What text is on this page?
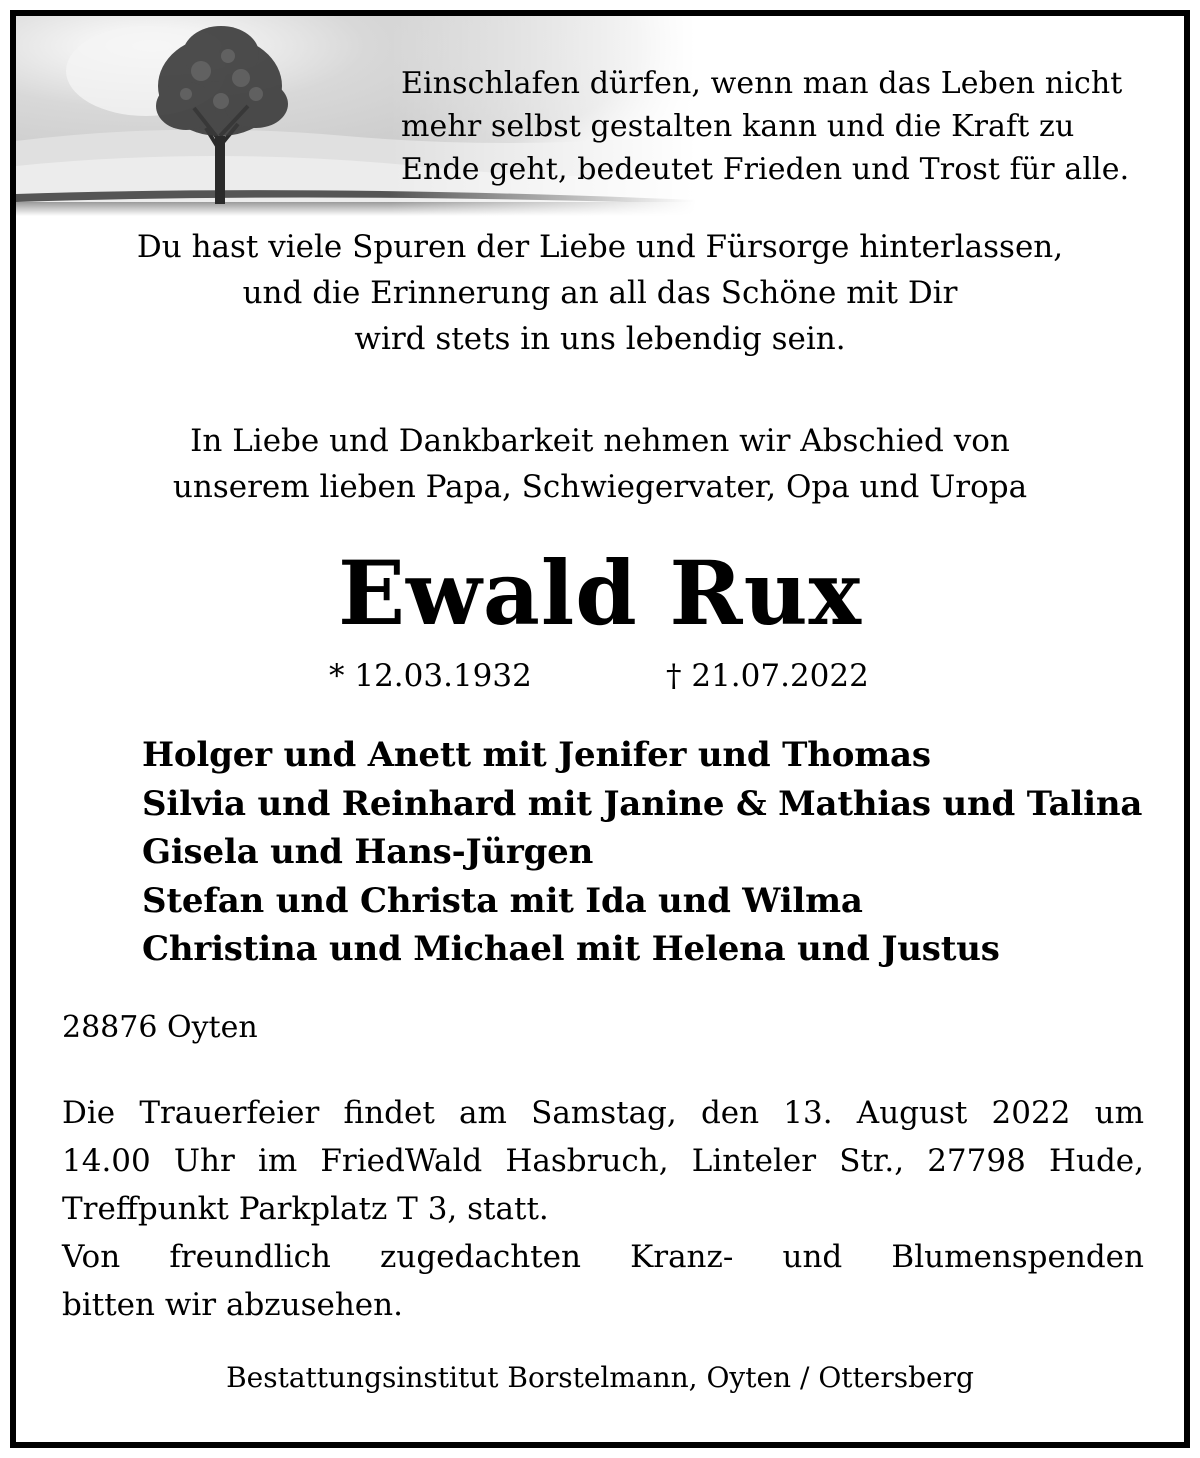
Einschlafen dürfen, wenn man das Leben nicht
mehr selbst gestalten kann und die Kraft zu
Ende geht, bedeutet Frieden und Trost für alle.
Du hast viele Spuren der Liebe und Fürsorge hinterlassen,
und die Erinnerung an all das Schöne mit Dir
wird stets in uns lebendig sein.
In Liebe und Dankbarkeit nehmen wir Abschied von
unserem lieben Papa, Schwiegervater, Opa und Uropa
Ewald Rux
* 12.03.1932	† 21.07.2022
Holger und Anett mit Jenifer und Thomas
Silvia und Reinhard mit Janine & Mathias und Talina
Gisela und Hans-Jürgen
Stefan und Christa mit Ida und Wilma
Christina und Michael mit Helena und Justus
28876 Oyten
Die Trauerfeier findet am Samstag, den 13. August 2022 um
14.00 Uhr im FriedWald Hasbruch, Linteler Str., 27798 Hude,
Treffpunkt Parkplatz T 3, statt.
Von freundlich zugedachten Kranz- und Blumenspenden
bitten wir abzusehen.
Bestattungsinstitut Borstelmann, Oyten / Ottersberg
